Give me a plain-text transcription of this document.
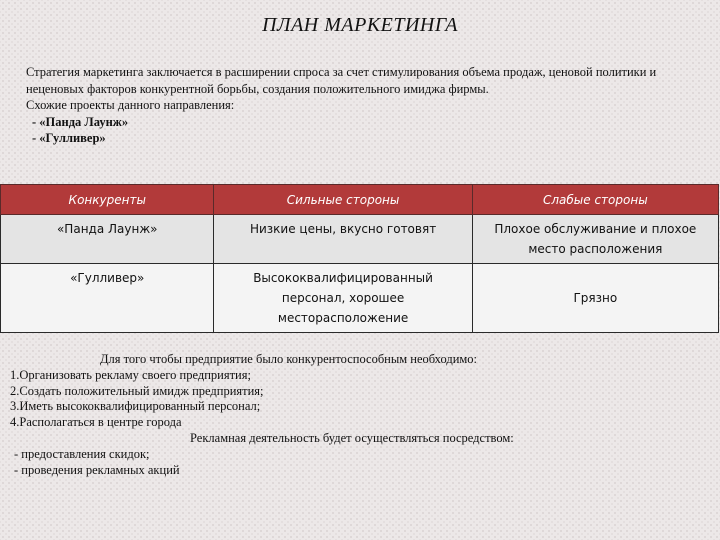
ПЛАН МАРКЕТИНГА

Стратегия маркетинга заключается в расширении спроса за счет стимулирования объема продаж, ценовой политики и неценовых факторов конкурентной борьбы, создания положительного имиджа фирмы.

Схожие проекты данного направления:

- «Панда Лаунж»

- «Гулливер»

Конкуренты	Сильные стороны	Слабые стороны
«Панда Лаунж»	Низкие цены, вкусно готовят	Плохое обслуживание и плохое место расположения
«Гулливер»	Высококвалифицированный персонал, хорошее месторасположение	Грязно

Для того чтобы предприятие было конкурентоспособным необходимо:

1.Организовать рекламу своего предприятия;

2.Создать положительный имидж предприятия;

3.Иметь высококвалифицированный персонал;

4.Располагаться в центре города

Рекламная деятельность будет осуществляться посредством:

- предоставления скидок;

- проведения рекламных акций
